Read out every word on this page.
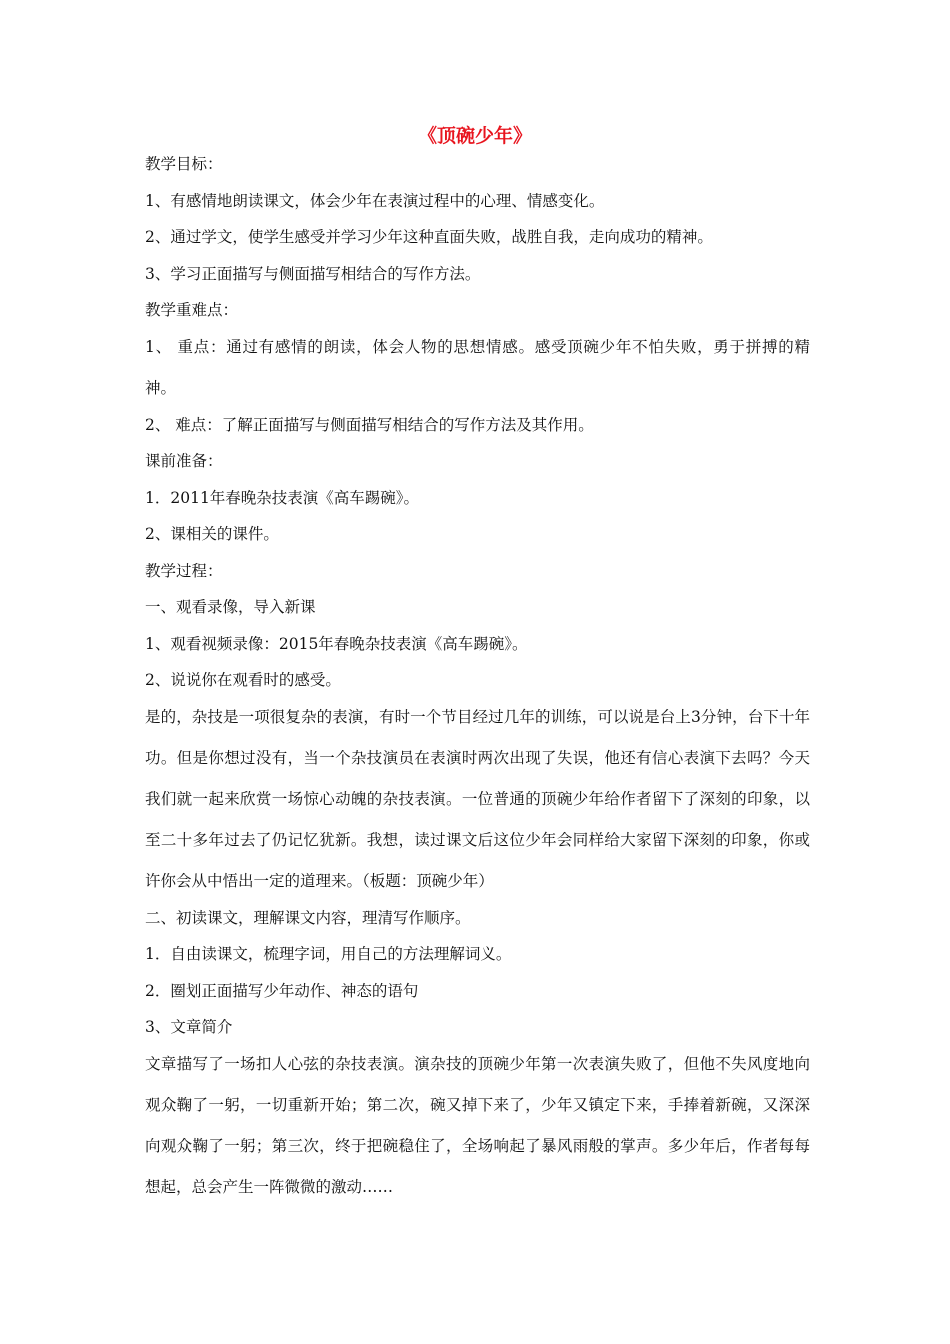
《顶碗少年》
教学目标：
1、有感情地朗读课文，体会少年在表演过程中的心理、情感变化。
2、通过学文，使学生感受并学习少年这种直面失败，战胜自我，走向成功的精神。
3、学习正面描写与侧面描写相结合的写作方法。
教学重难点：
1、 重点：通过有感情的朗读，体会人物的思想情感。感受顶碗少年不怕失败，勇于拼搏的精神。
2、 难点：了解正面描写与侧面描写相结合的写作方法及其作用。
课前准备：
1．2011年春晚杂技表演《高车踢碗》。
2、课相关的课件。
教学过程：
一、观看录像，导入新课
1、观看视频录像：2015年春晚杂技表演《高车踢碗》。
2、说说你在观看时的感受。
是的，杂技是一项很复杂的表演，有时一个节目经过几年的训练，可以说是台上3分钟，台下十年功。但是你想过没有，当一个杂技演员在表演时两次出现了失误，他还有信心表演下去吗？今天我们就一起来欣赏一场惊心动魄的杂技表演。一位普通的顶碗少年给作者留下了深刻的印象，以至二十多年过去了仍记忆犹新。我想，读过课文后这位少年会同样给大家留下深刻的印象，你或许你会从中悟出一定的道理来。（板题：顶碗少年）
二、初读课文，理解课文内容，理清写作顺序。
1．自由读课文，梳理字词，用自己的方法理解词义。
2．圈划正面描写少年动作、神态的语句
3、文章简介
文章描写了一场扣人心弦的杂技表演。演杂技的顶碗少年第一次表演失败了，但他不失风度地向观众鞠了一躬，一切重新开始；第二次，碗又掉下来了，少年又镇定下来，手捧着新碗，又深深向观众鞠了一躬；第三次，终于把碗稳住了，全场响起了暴风雨般的掌声。多少年后，作者每每想起，总会产生一阵微微的激动……
